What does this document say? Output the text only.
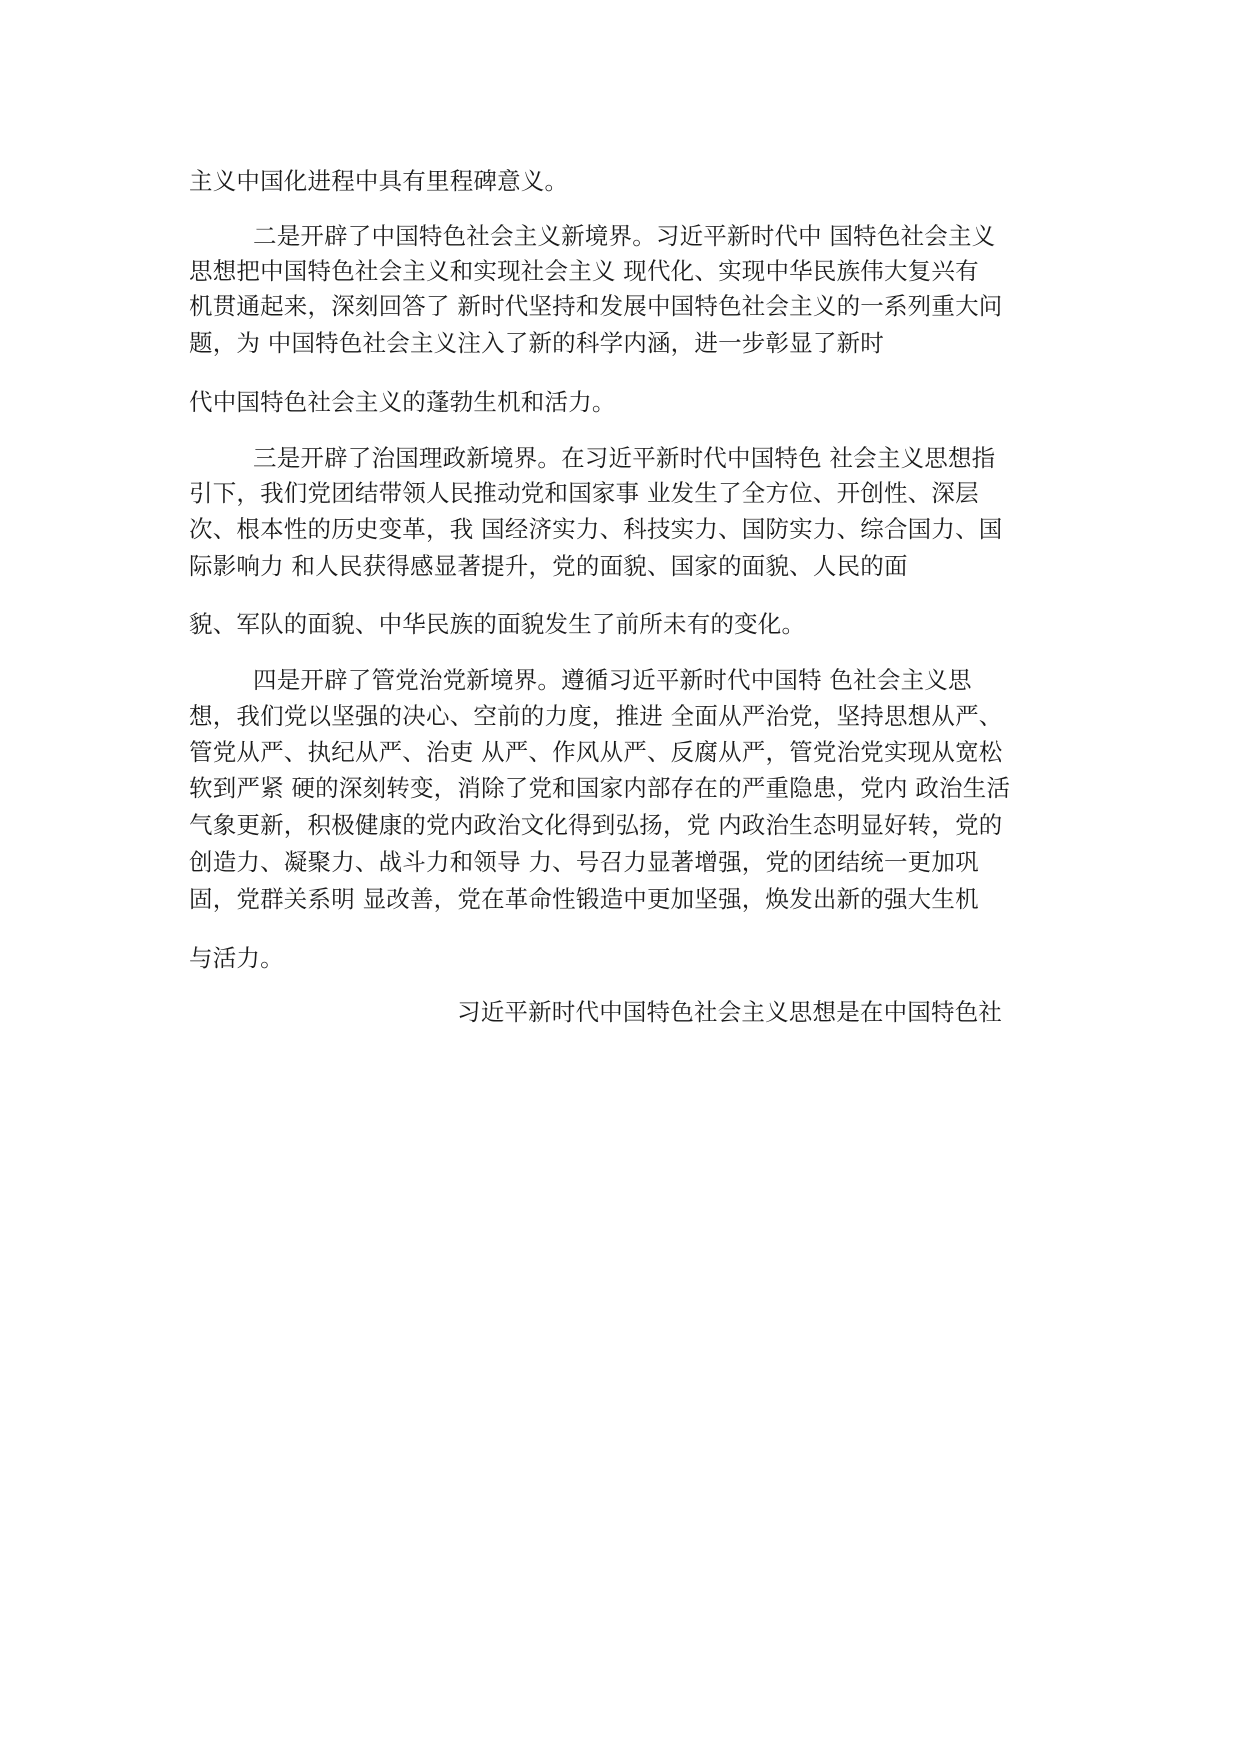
主义中国化进程中具有里程碑意义。
二是开辟了中国特色社会主义新境界。习近平新时代中 国特色社会主义
思想把中国特色社会主义和实现社会主义 现代化、实现中华民族伟大复兴有
机贯通起来，深刻回答了 新时代坚持和发展中国特色社会主义的一系列重大问
题，为 中国特色社会主义注入了新的科学内涵，进一步彰显了新时
代中国特色社会主义的蓬勃生机和活力。
三是开辟了治国理政新境界。在习近平新时代中国特色 社会主义思想指
引下，我们党团结带领人民推动党和国家事 业发生了全方位、开创性、深层
次、根本性的历史变革，我 国经济实力、科技实力、国防实力、综合国力、国
际影响力 和人民获得感显著提升，党的面貌、国家的面貌、人民的面
貌、军队的面貌、中华民族的面貌发生了前所未有的变化。
四是开辟了管党治党新境界。遵循习近平新时代中国特 色社会主义思
想，我们党以坚强的决心、空前的力度，推进 全面从严治党，坚持思想从严、
管党从严、执纪从严、治吏 从严、作风从严、反腐从严，管党治党实现从宽松
软到严紧 硬的深刻转变，消除了党和国家内部存在的严重隐患，党内 政治生活
气象更新，积极健康的党内政治文化得到弘扬，党 内政治生态明显好转，党的
创造力、凝聚力、战斗力和领导 力、号召力显著增强，党的团结统一更加巩
固，党群关系明 显改善，党在革命性锻造中更加坚强，焕发出新的强大生机
与活力。
习近平新时代中国特色社会主义思想是在中国特色社
